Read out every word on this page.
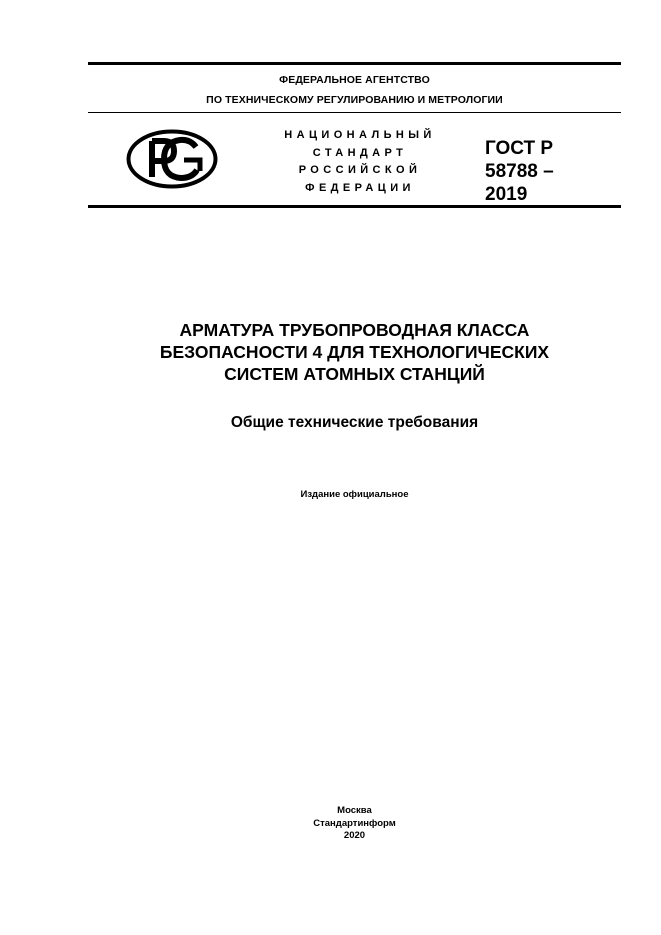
ФЕДЕРАЛЬНОЕ АГЕНТСТВО
ПО ТЕХНИЧЕСКОМУ РЕГУЛИРОВАНИЮ И МЕТРОЛОГИИ
НАЦИОНАЛЬНЫЙ
СТАНДАРТ
РОССИЙСКОЙ
ФЕДЕРАЦИИ
ГОСТ Р
58788 –
2019
АРМАТУРА ТРУБОПРОВОДНАЯ КЛАССА
БЕЗОПАСНОСТИ 4 ДЛЯ ТЕХНОЛОГИЧЕСКИХ
СИСТЕМ АТОМНЫХ СТАНЦИЙ
Общие технические требования
Издание официальное
Москва
Стандартинформ
2020
